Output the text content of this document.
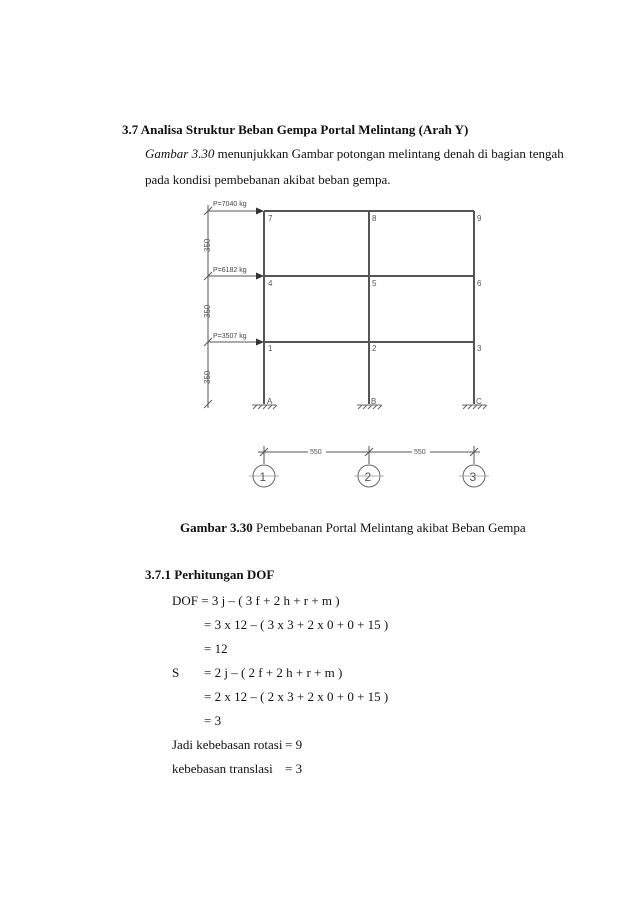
3.7 Analisa Struktur Beban Gempa Portal Melintang (Arah Y)
Gambar 3.30 menunjukkan Gambar potongan melintang denah di bagian tengah
pada kondisi pembebanan akibat beban gempa.
7	8	9
4	5	6
1	2	3
A	B	C
P=7040 kg
P=6182 kg
P=3507 kg
350
350
350
550	550
1	2	3
Gambar 3.30 Pembebanan Portal Melintang akibat Beban Gempa
3.7.1 Perhitungan DOF
DOF = 3 j – ( 3 f + 2 h + r + m )
= 3 x 12 – ( 3 x 3 + 2 x 0 + 0 + 15 )
= 12
S = 2 j – ( 2 f + 2 h + r + m )
= 2 x 12 – ( 2 x 3 + 2 x 0 + 0 + 15 )
= 3
Jadi kebebasan rotasi = 9
kebebasan translasi = 3
